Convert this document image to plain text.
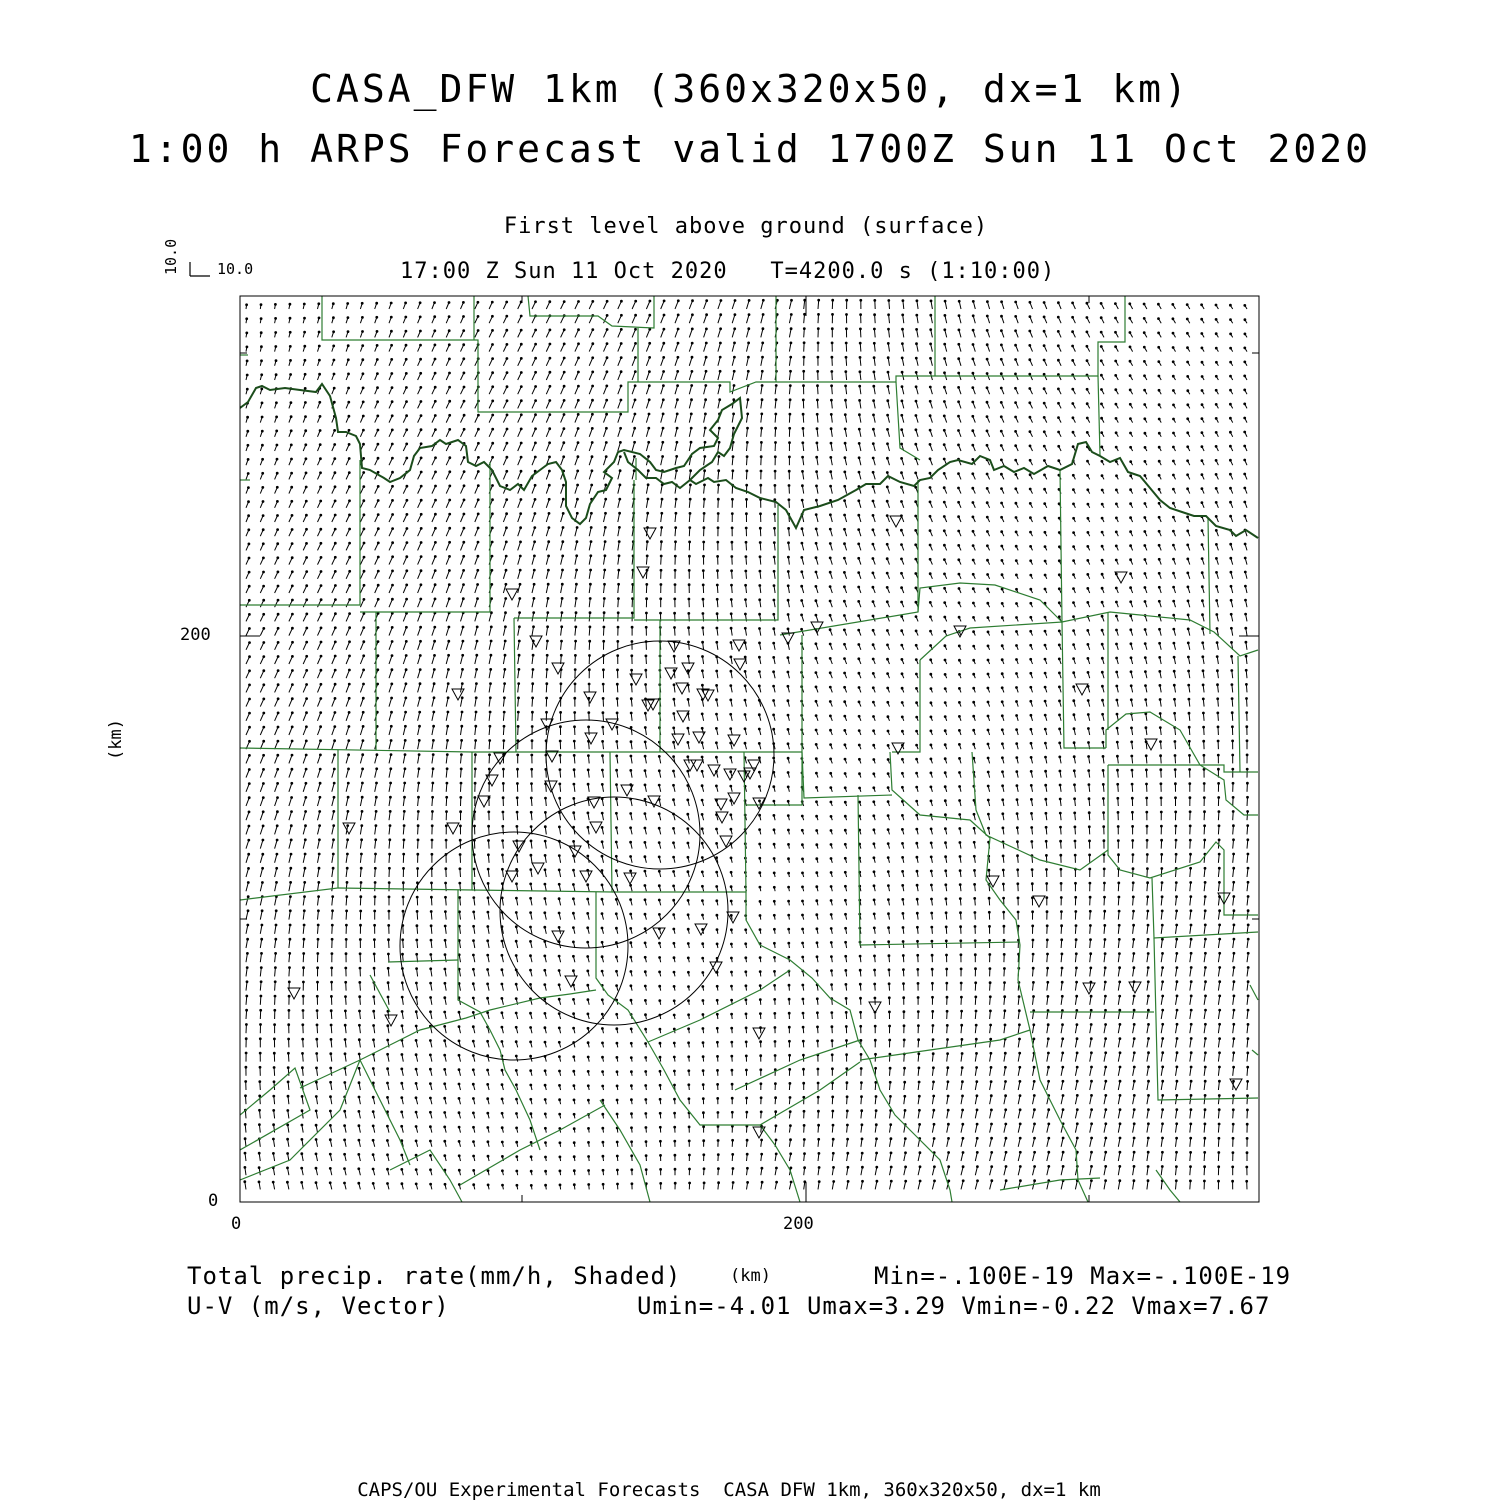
CASA_DFW 1km (360x320x50, dx=1 km)
1:00 h ARPS Forecast valid 1700Z Sun 11 Oct 2020
First level above ground (surface)
17:00 Z Sun 11 Oct 2020   T=4200.0 s (1:10:00)
10.0
10.0
(km)
200
0
0	200
(km)
Total precip. rate(mm/h, Shaded)
U-V (m/s, Vector)
Min=-.100E-19 Max=-.100E-19
Umin=-4.01 Umax=3.29 Vmin=-0.22 Vmax=7.67
CAPS/OU Experimental Forecasts  CASA DFW 1km, 360x320x50, dx=1 km
